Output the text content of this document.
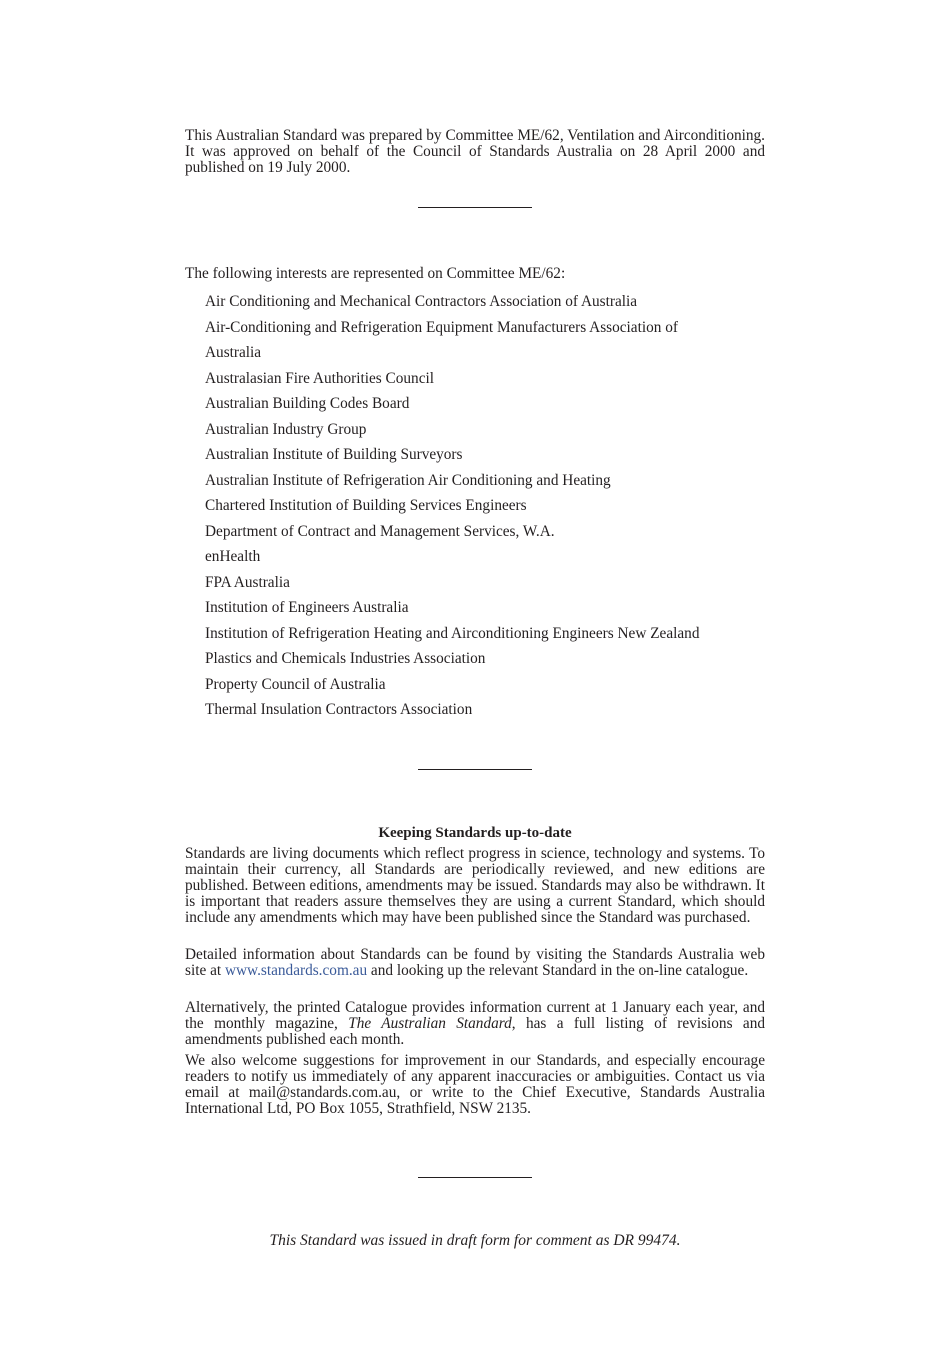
This Australian Standard was prepared by Committee ME/62, Ventilation and Airconditioning. It was approved on behalf of the Council of Standards Australia on 28 April 2000 and published on 19 July 2000.

The following interests are represented on Committee ME/62:

Air Conditioning and Mechanical Contractors Association of Australia
Air-Conditioning and Refrigeration Equipment Manufacturers Association of
Australia
Australasian Fire Authorities Council
Australian Building Codes Board
Australian Industry Group
Australian Institute of Building Surveyors
Australian Institute of Refrigeration Air Conditioning and Heating
Chartered Institution of Building Services Engineers
Department of Contract and Management Services, W.A.
enHealth
FPA Australia
Institution of Engineers Australia
Institution of Refrigeration Heating and Airconditioning Engineers New Zealand
Plastics and Chemicals Industries Association
Property Council of Australia
Thermal Insulation Contractors Association
Keeping Standards up-to-date

Standards are living documents which reflect progress in science, technology and systems. To maintain their currency, all Standards are periodically reviewed, and new editions are published. Between editions, amendments may be issued. Standards may also be withdrawn. It is important that readers assure themselves they are using a current Standard, which should include any amendments which may have been published since the Standard was purchased.

Detailed information about Standards can be found by visiting the Standards Australia web site at www.standards.com.au and looking up the relevant Standard in the on-line catalogue.

Alternatively, the printed Catalogue provides information current at 1 January each year, and the monthly magazine, The Australian Standard, has a full listing of revisions and amendments published each month.

We also welcome suggestions for improvement in our Standards, and especially encourage readers to notify us immediately of any apparent inaccuracies or ambiguities. Contact us via email at mail@standards.com.au, or write to the Chief Executive, Standards Australia International Ltd, PO Box 1055, Strathfield, NSW 2135.

This Standard was issued in draft form for comment as DR 99474.
